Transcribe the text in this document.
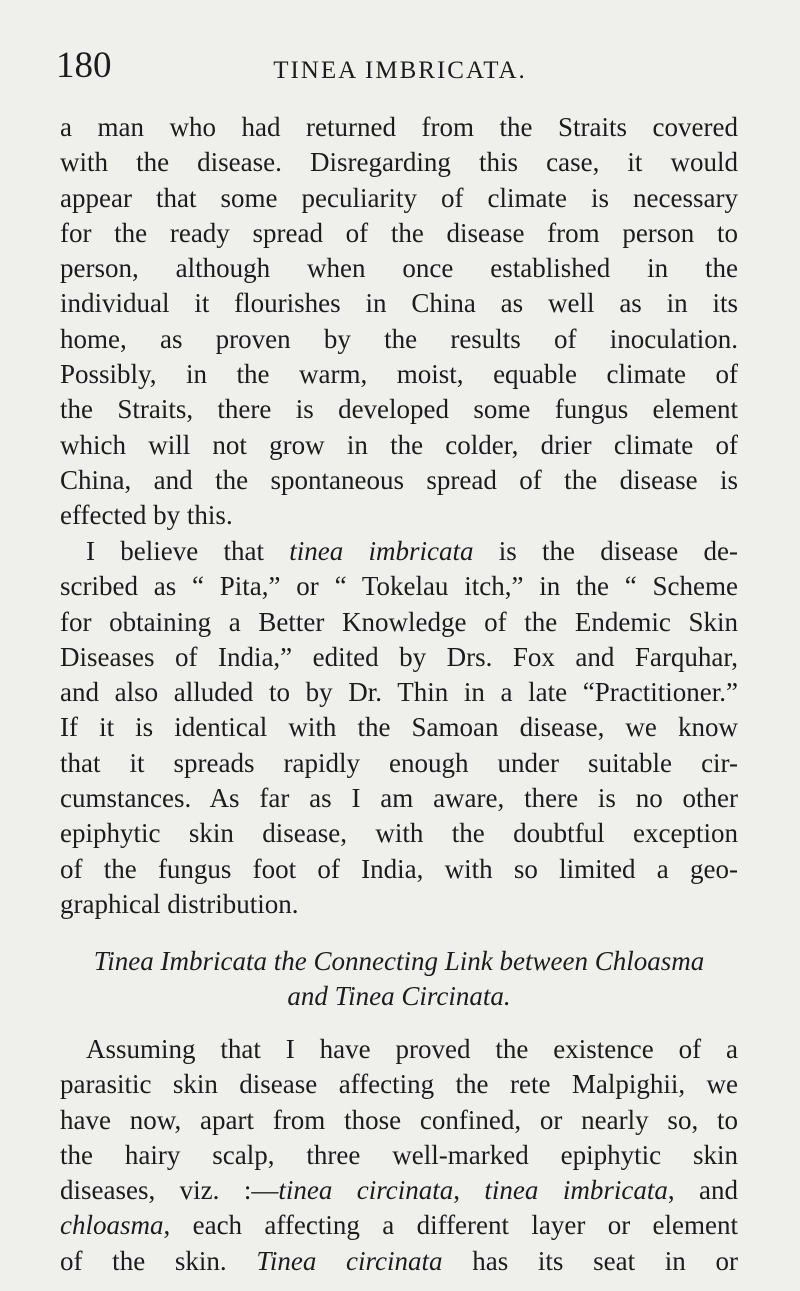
180	TINEA IMBRICATA.
a man who had returned from the Straits covered
with the disease. Disregarding this case, it would
appear that some peculiarity of climate is necessary
for the ready spread of the disease from person to
person, although when once established in the
individual it flourishes in China as well as in its
home, as proven by the results of inoculation.
Possibly, in the warm, moist, equable climate of
the Straits, there is developed some fungus element
which will not grow in the colder, drier climate of
China, and the spontaneous spread of the disease is
effected by this.
I believe that tinea imbricata is the disease de-
scribed as “ Pita,” or “ Tokelau itch,” in the “ Scheme
for obtaining a Better Knowledge of the Endemic Skin
Diseases of India,” edited by Drs. Fox and Farquhar,
and also alluded to by Dr. Thin in a late “Practitioner.”
If it is identical with the Samoan disease, we know
that it spreads rapidly enough under suitable cir-
cumstances. As far as I am aware, there is no other
epiphytic skin disease, with the doubtful exception
of the fungus foot of India, with so limited a geo-
graphical distribution.
Tinea Imbricata the Connecting Link between Chloasma
and Tinea Circinata.
Assuming that I have proved the existence of a
parasitic skin disease affecting the rete Malpighii, we
have now, apart from those confined, or nearly so, to
the hairy scalp, three well-marked epiphytic skin
diseases, viz. :—tinea circinata, tinea imbricata, and
chloasma, each affecting a different layer or element
of the skin. Tinea circinata has its seat in or
